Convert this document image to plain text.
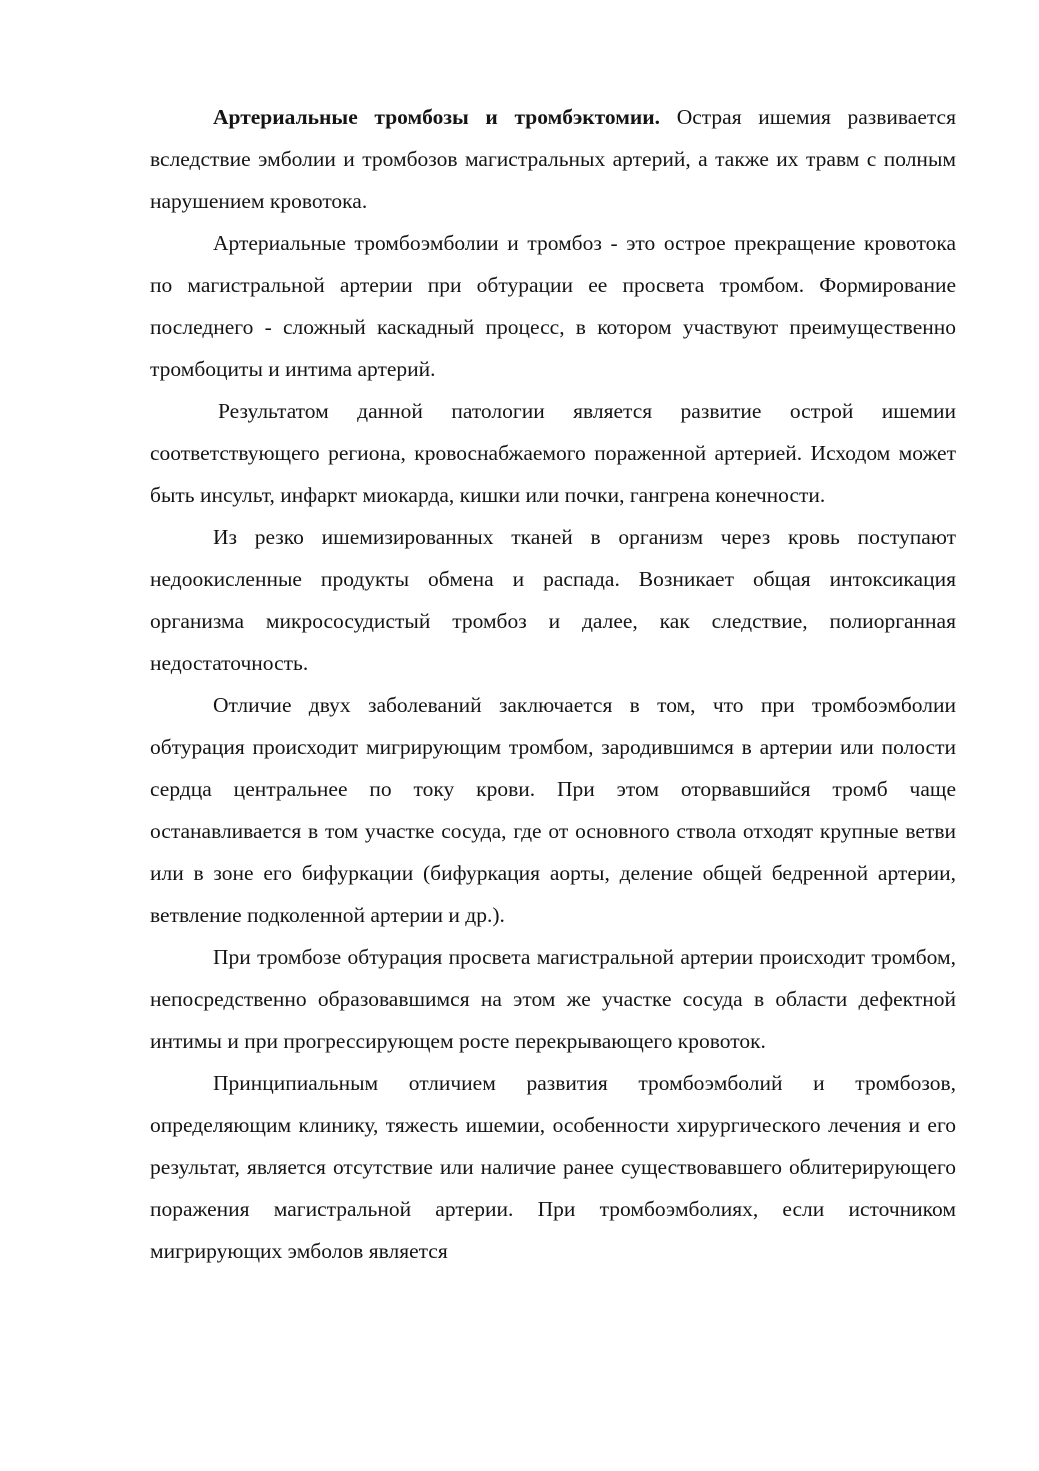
Артериальные тромбозы и тромбэктомии. Острая ишемия развивается вследствие эмболии и тромбозов магистральных артерий, а также их травм с полным нарушением кровотока.

Артериальные тромбоэмболии и тромбоз - это острое прекращение кровотока по магистральной артерии при обтурации ее просвета тромбом. Формирование последнего - сложный каскадный процесс, в котором участвуют преимущественно тромбоциты и интима артерий.

Результатом данной патологии является развитие острой ишемии соответствующего региона, кровоснабжаемого пораженной артерией. Исходом может быть инсульт, инфаркт миокарда, кишки или почки, гангрена конечности.

Из резко ишемизированных тканей в организм через кровь поступают недоокисленные продукты обмена и распада. Возникает общая интоксикация организма микрососудистый тромбоз и далее, как следствие, полиорганная недостаточность.

Отличие двух заболеваний заключается в том, что при тромбоэмболии обтурация происходит мигрирующим тромбом, зародившимся в артерии или полости сердца центральнее по току крови. При этом оторвавшийся тромб чаще останавливается в том участке сосуда, где от основного ствола отходят крупные ветви или в зоне его бифуркации (бифуркация аорты, деление общей бедренной артерии, ветвление подколенной артерии и др.).

При тромбозе обтурация просвета магистральной артерии происходит тромбом, непосредственно образовавшимся на этом же участке сосуда в области дефектной интимы и при прогрессирующем росте перекрывающего кровоток.

Принципиальным отличием развития тромбоэмболий и тромбозов, определяющим клинику, тяжесть ишемии, особенности хирургического лечения и его результат, является отсутствие или наличие ранее существовавшего облитерирующего поражения магистральной артерии. При тромбоэмболиях, если источником мигрирующих эмболов является
